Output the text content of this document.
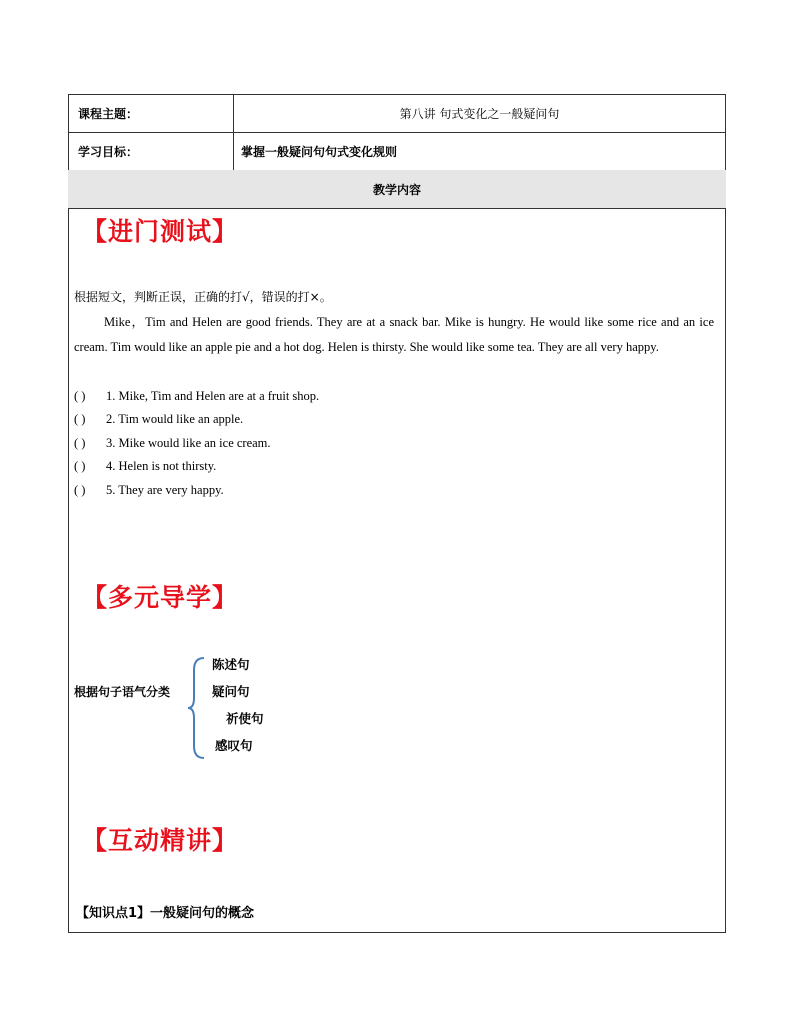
课程主题：	第八讲 句式变化之一般疑问句
学习目标：	掌握一般疑问句句式变化规则
教学内容
【进门测试】
根据短文，判断正误，正确的打√，错误的打×。
Mike，Tim and Helen are good friends. They are at a snack bar. Mike is hungry. He would like some rice and an ice cream. Tim would like an apple pie and a hot dog. Helen is thirsty. She would like some tea. They are all very happy.
( ) 1. Mike, Tim and Helen are at a fruit shop.
( ) 2. Tim would like an apple.
( ) 3. Mike would like an ice cream.
( ) 4. Helen is not thirsty.
( ) 5. They are very happy.
【多元导学】
根据句子语气分类
陈述句
疑问句
祈使句
感叹句
【互动精讲】
【知识点1】一般疑问句的概念
